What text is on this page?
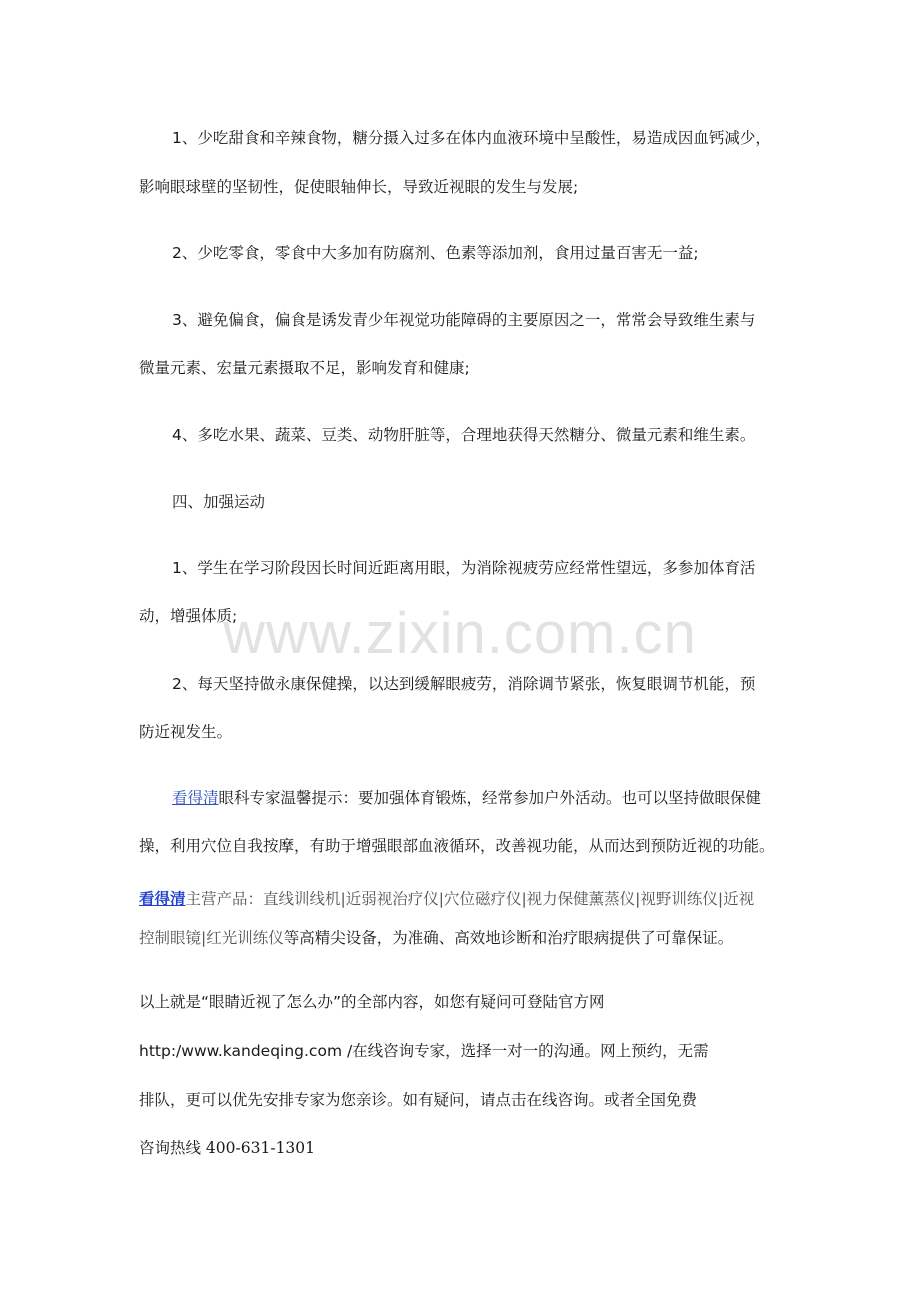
1、少吃甜食和辛辣食物，糖分摄入过多在体内血液环境中呈酸性，易造成因血钙减少，
影响眼球壁的坚韧性，促使眼轴伸长，导致近视眼的发生与发展;
2、少吃零食，零食中大多加有防腐剂、色素等添加剂，食用过量百害无一益;
3、避免偏食，偏食是诱发青少年视觉功能障碍的主要原因之一，常常会导致维生素与
微量元素、宏量元素摄取不足，影响发育和健康;
4、多吃水果、蔬菜、豆类、动物肝脏等，合理地获得天然糖分、微量元素和维生素。
四、加强运动
1、学生在学习阶段因长时间近距离用眼，为消除视疲劳应经常性望远，多参加体育活
动，增强体质;
2、每天坚持做永康保健操，以达到缓解眼疲劳，消除调节紧张，恢复眼调节机能，预
防近视发生。
看得清眼科专家温馨提示：要加强体育锻炼，经常参加户外活动。也可以坚持做眼保健
操，利用穴位自我按摩，有助于增强眼部血液循环，改善视功能，从而达到预防近视的功能。
看得清主营产品：直线训线机|近弱视治疗仪|穴位磁疗仪|视力保健薰蒸仪|视野训练仪|近视
控制眼镜|红光训练仪等高精尖设备，为准确、高效地诊断和治疗眼病提供了可靠保证。
以上就是“眼睛近视了怎么办”的全部内容，如您有疑问可登陆官方网
http:/www.kandeqing.com /在线咨询专家，选择一对一的沟通。网上预约，无需
排队，更可以优先安排专家为您亲诊。如有疑问，请点击在线咨询。或者全国免费
咨询热线 400-631-1301
www.zixin.com.cn
